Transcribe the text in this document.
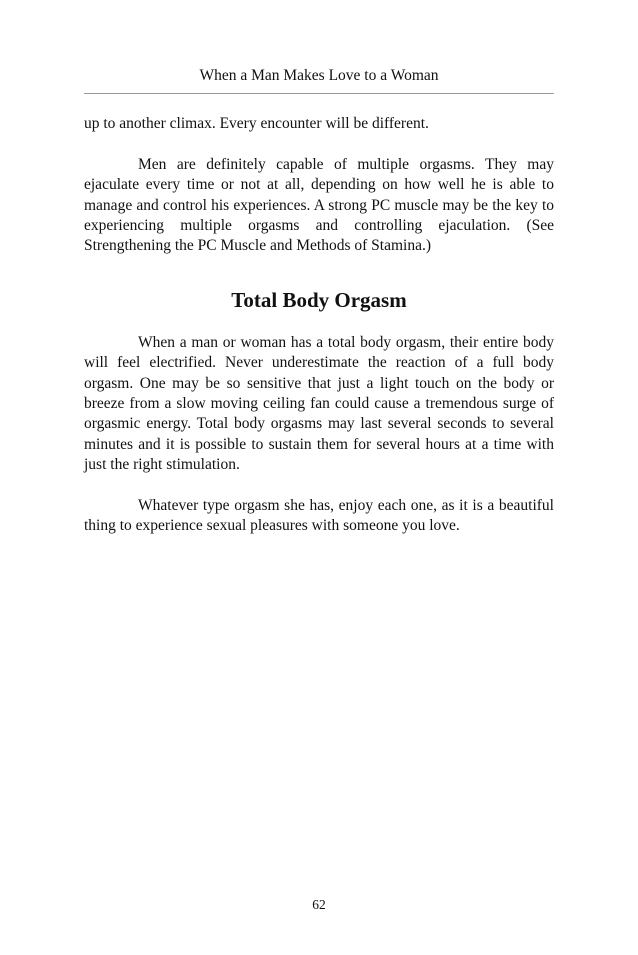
When a Man Makes Love to a Woman

up to another climax. Every encounter will be different.

Men are definitely capable of multiple orgasms. They may ejaculate every time or not at all, depending on how well he is able to manage and control his experiences. A strong PC muscle may be the key to experiencing multiple orgasms and controlling ejaculation. (See Strengthening the PC Muscle and Methods of Stamina.)

Total Body Orgasm

When a man or woman has a total body orgasm, their entire body will feel electrified. Never underestimate the reaction of a full body orgasm. One may be so sensitive that just a light touch on the body or breeze from a slow moving ceiling fan could cause a tremendous surge of orgasmic energy. Total body orgasms may last several seconds to several minutes and it is possible to sustain them for several hours at a time with just the right stimulation.

Whatever type orgasm she has, enjoy each one, as it is a beautiful thing to experience sexual pleasures with someone you love.

62
